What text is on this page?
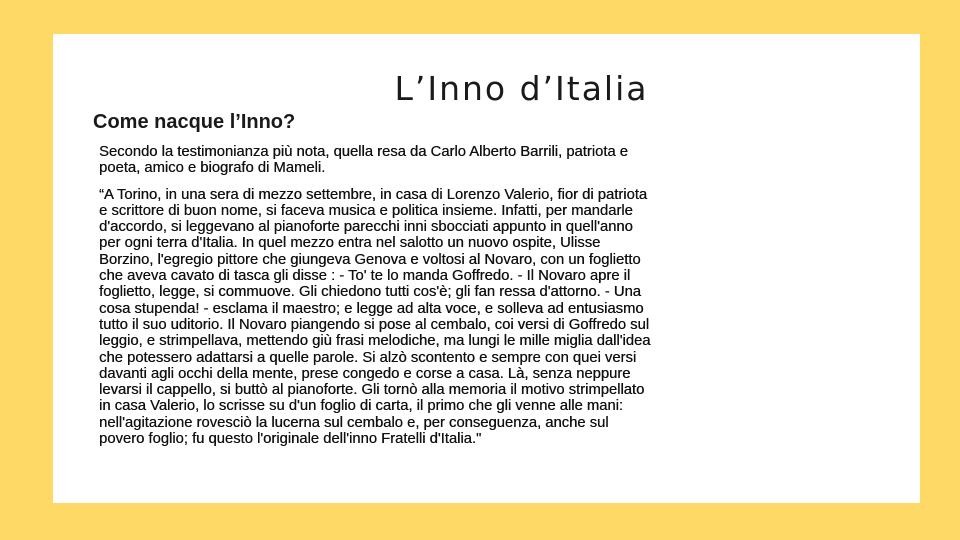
L’Inno d’Italia
Come nacque l’Inno?

Secondo la testimonianza più nota, quella resa da Carlo Alberto Barrili, patriota e
poeta, amico e biografo di Mameli.

“A Torino, in una sera di mezzo settembre, in casa di Lorenzo Valerio, fior di patriota
e scrittore di buon nome, si faceva musica e politica insieme. Infatti, per mandarle
d'accordo, si leggevano al pianoforte parecchi inni sbocciati appunto in quell'anno
per ogni terra d'Italia. In quel mezzo entra nel salotto un nuovo ospite, Ulisse
Borzino, l'egregio pittore che giungeva Genova e voltosi al Novaro, con un foglietto
che aveva cavato di tasca gli disse : - To' te lo manda Goffredo. - Il Novaro apre il
foglietto, legge, si commuove. Gli chiedono tutti cos'è; gli fan ressa d'attorno. - Una
cosa stupenda! - esclama il maestro; e legge ad alta voce, e solleva ad entusiasmo
tutto il suo uditorio. Il Novaro piangendo si pose al cembalo, coi versi di Goffredo sul
leggio, e strimpellava, mettendo giù frasi melodiche, ma lungi le mille miglia dall'idea
che potessero adattarsi a quelle parole. Si alzò scontento e sempre con quei versi
davanti agli occhi della mente, prese congedo e corse a casa. Là, senza neppure
levarsi il cappello, si buttò al pianoforte. Gli tornò alla memoria il motivo strimpellato
in casa Valerio, lo scrisse su d'un foglio di carta, il primo che gli venne alle mani:
nell'agitazione rovesciò la lucerna sul cembalo e, per conseguenza, anche sul
povero foglio; fu questo l'originale dell'inno Fratelli d'Italia."
